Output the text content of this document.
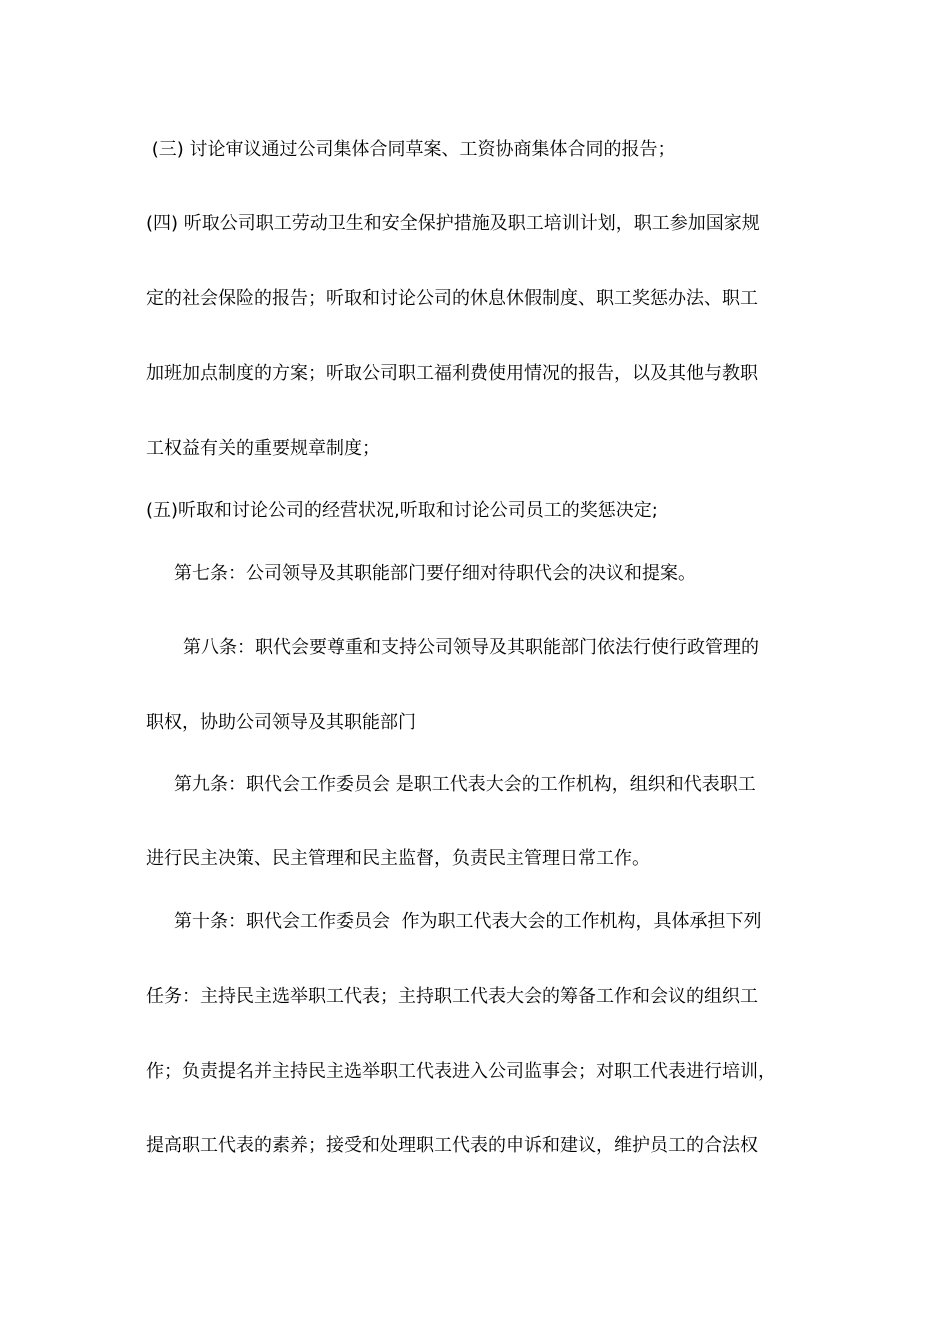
(三) 讨论审议通过公司集体合同草案、工资协商集体合同的报告；

(四) 听取公司职工劳动卫生和安全保护措施及职工培训计划，职工参加国家规

定的社会保险的报告；听取和讨论公司的休息休假制度、职工奖惩办法、职工

加班加点制度的方案；听取公司职工福利费使用情况的报告，以及其他与教职

工权益有关的重要规章制度；

(五)听取和讨论公司的经营状况,听取和讨论公司员工的奖惩决定;

第七条：公司领导及其职能部门要仔细对待职代会的决议和提案。

第八条：职代会要尊重和支持公司领导及其职能部门依法行使行政管理的

职权，协助公司领导及其职能部门

第九条：职代会工作委员会 是职工代表大会的工作机构，组织和代表职工

进行民主决策、民主管理和民主监督，负责民主管理日常工作。

第十条：职代会工作委员会  作为职工代表大会的工作机构，具体承担下列

任务：主持民主选举职工代表；主持职工代表大会的筹备工作和会议的组织工

作；负责提名并主持民主选举职工代表进入公司监事会；对职工代表进行培训，

提高职工代表的素养；接受和处理职工代表的申诉和建议，维护员工的合法权
